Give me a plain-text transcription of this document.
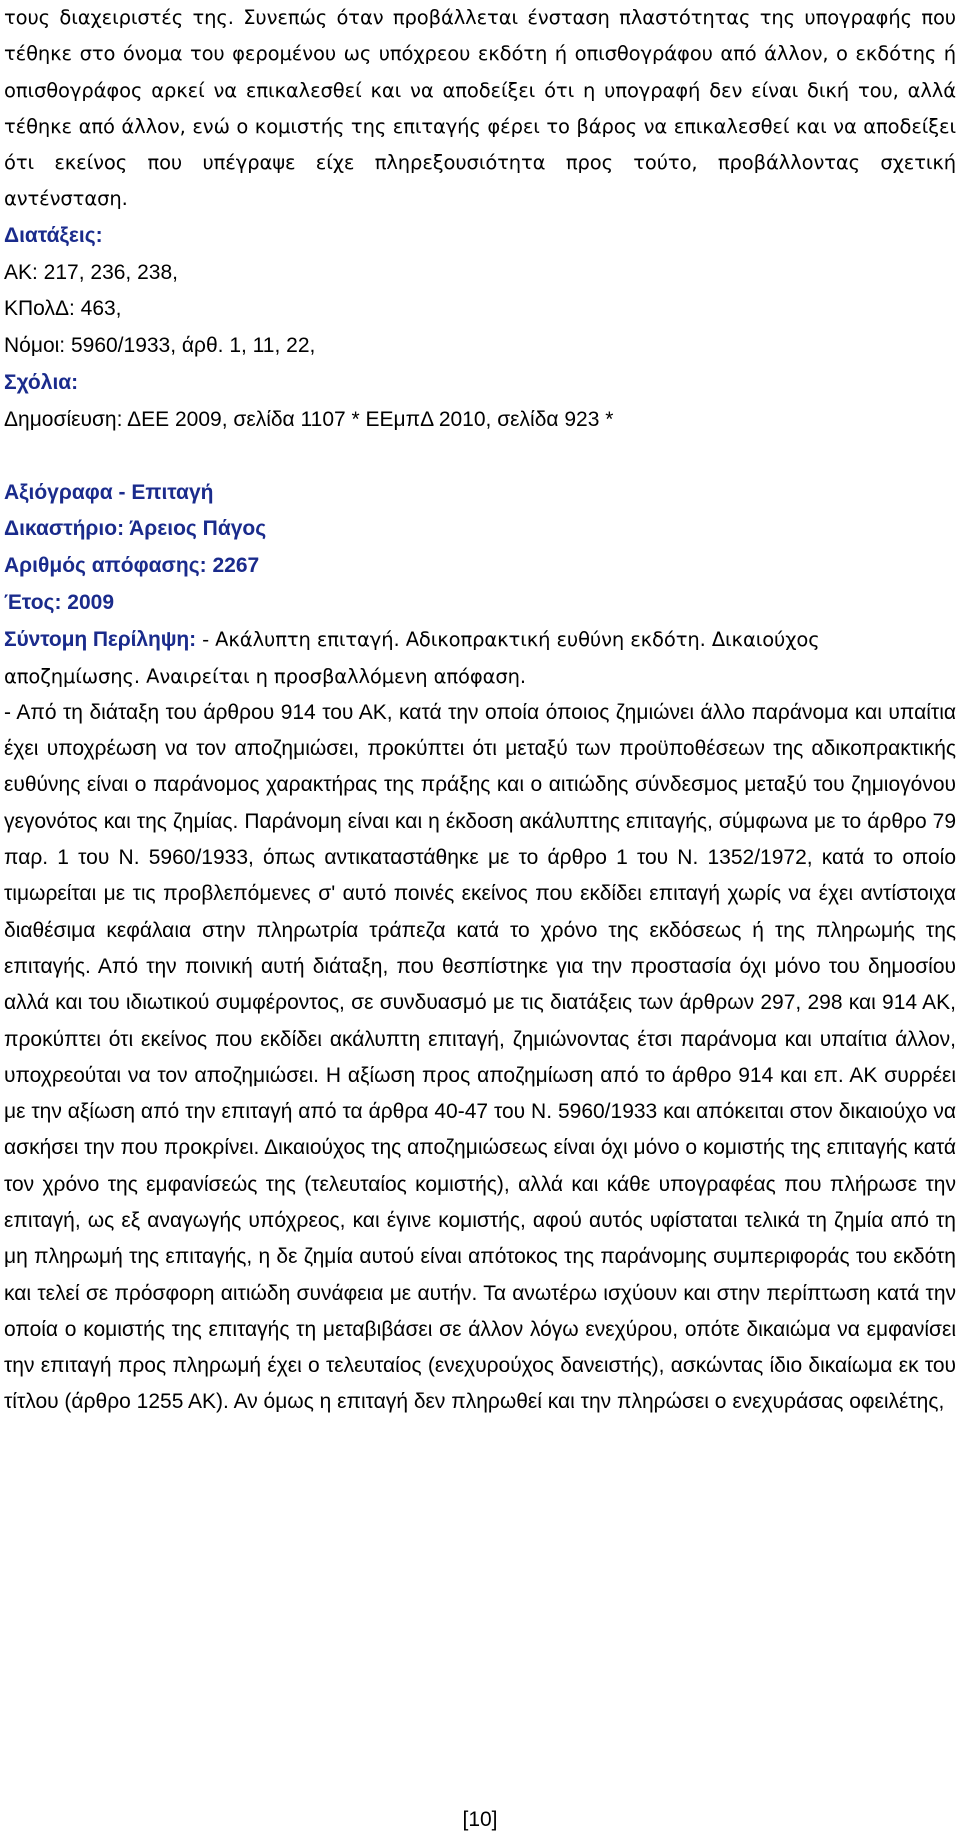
τους διαχειριστές της. Συνεπώς όταν προβάλλεται ένσταση πλαστότητας της υπογραφής που τέθηκε στο όνομα του φερομένου ως υπόχρεου εκδότη ή οπισθογράφου από άλλον, ο εκδότης ή οπισθογράφος αρκεί να επικαλεσθεί και να αποδείξει ότι η υπογραφή δεν είναι δική του, αλλά τέθηκε από άλλον, ενώ ο κομιστής της επιταγής φέρει το βάρος να επικαλεσθεί και να αποδείξει ότι εκείνος που υπέγραψε είχε πληρεξουσιότητα προς τούτο, προβάλλοντας σχετική αντένσταση.

Διατάξεις:

ΑΚ: 217, 236, 238,

ΚΠολΔ: 463,

Νόμοι: 5960/1933, άρθ. 1, 11, 22,

Σχόλια:

Δημοσίευση: ΔΕΕ 2009, σελίδα 1107 * ΕΕμπΔ 2010, σελίδα 923 *

Αξιόγραφα - Επιταγή

Δικαστήριο: Άρειος Πάγος

Αριθμός απόφασης: 2267

Έτος: 2009

Σύντομη Περίληψη: - Ακάλυπτη επιταγή. Αδικοπρακτική ευθύνη εκδότη. Δικαιούχος αποζημίωσης. Αναιρείται η προσβαλλόμενη απόφαση.

- Από τη διάταξη του άρθρου 914 του ΑΚ, κατά την οποία όποιος ζημιώνει άλλο παράνομα και υπαίτια έχει υποχρέωση να τον αποζημιώσει, προκύπτει ότι μεταξύ των προϋποθέσεων της αδικοπρακτικής ευθύνης είναι ο παράνομος χαρακτήρας της πράξης και ο αιτιώδης σύνδεσμος μεταξύ του ζημιογόνου γεγονότος και της ζημίας. Παράνομη είναι και η έκδοση ακάλυπτης επιταγής, σύμφωνα με το άρθρο 79 παρ. 1 του Ν. 5960/1933, όπως αντικαταστάθηκε με το άρθρο 1 του Ν. 1352/1972, κατά το οποίο τιμωρείται με τις προβλεπόμενες σ' αυτό ποινές εκείνος που εκδίδει επιταγή χωρίς να έχει αντίστοιχα διαθέσιμα κεφάλαια στην πληρωτρία τράπεζα κατά το χρόνο της εκδόσεως ή της πληρωμής της επιταγής. Από την ποινική αυτή διάταξη, που θεσπίστηκε για την προστασία όχι μόνο του δημοσίου αλλά και του ιδιωτικού συμφέροντος, σε συνδυασμό με τις διατάξεις των άρθρων 297, 298 και 914 ΑΚ, προκύπτει ότι εκείνος που εκδίδει ακάλυπτη επιταγή, ζημιώνοντας έτσι παράνομα και υπαίτια άλλον, υποχρεούται να τον αποζημιώσει. Η αξίωση προς αποζημίωση από το άρθρο 914 και επ. ΑΚ συρρέει με την αξίωση από την επιταγή από τα άρθρα 40-47 του Ν. 5960/1933 και απόκειται στον δικαιούχο να ασκήσει την που προκρίνει. Δικαιούχος της αποζημιώσεως είναι όχι μόνο ο κομιστής της επιταγής κατά τον χρόνο της εμφανίσεώς της (τελευταίος κομιστής), αλλά και κάθε υπογραφέας που πλήρωσε την επιταγή, ως εξ αναγωγής υπόχρεος, και έγινε κομιστής, αφού αυτός υφίσταται τελικά τη ζημία από τη μη πληρωμή της επιταγής, η δε ζημία αυτού είναι απότοκος της παράνομης συμπεριφοράς του εκδότη και τελεί σε πρόσφορη αιτιώδη συνάφεια με αυτήν. Τα ανωτέρω ισχύουν και στην περίπτωση κατά την οποία ο κομιστής της επιταγής τη μεταβιβάσει σε άλλον λόγω ενεχύρου, οπότε δικαιώμα να εμφανίσει την επιταγή προς πληρωμή έχει ο τελευταίος (ενεχυρούχος δανειστής), ασκώντας ίδιο δικαίωμα εκ του τίτλου (άρθρο 1255 ΑΚ). Αν όμως η επιταγή δεν πληρωθεί και την πληρώσει ο ενεχυράσας οφειλέτης,

[10]
